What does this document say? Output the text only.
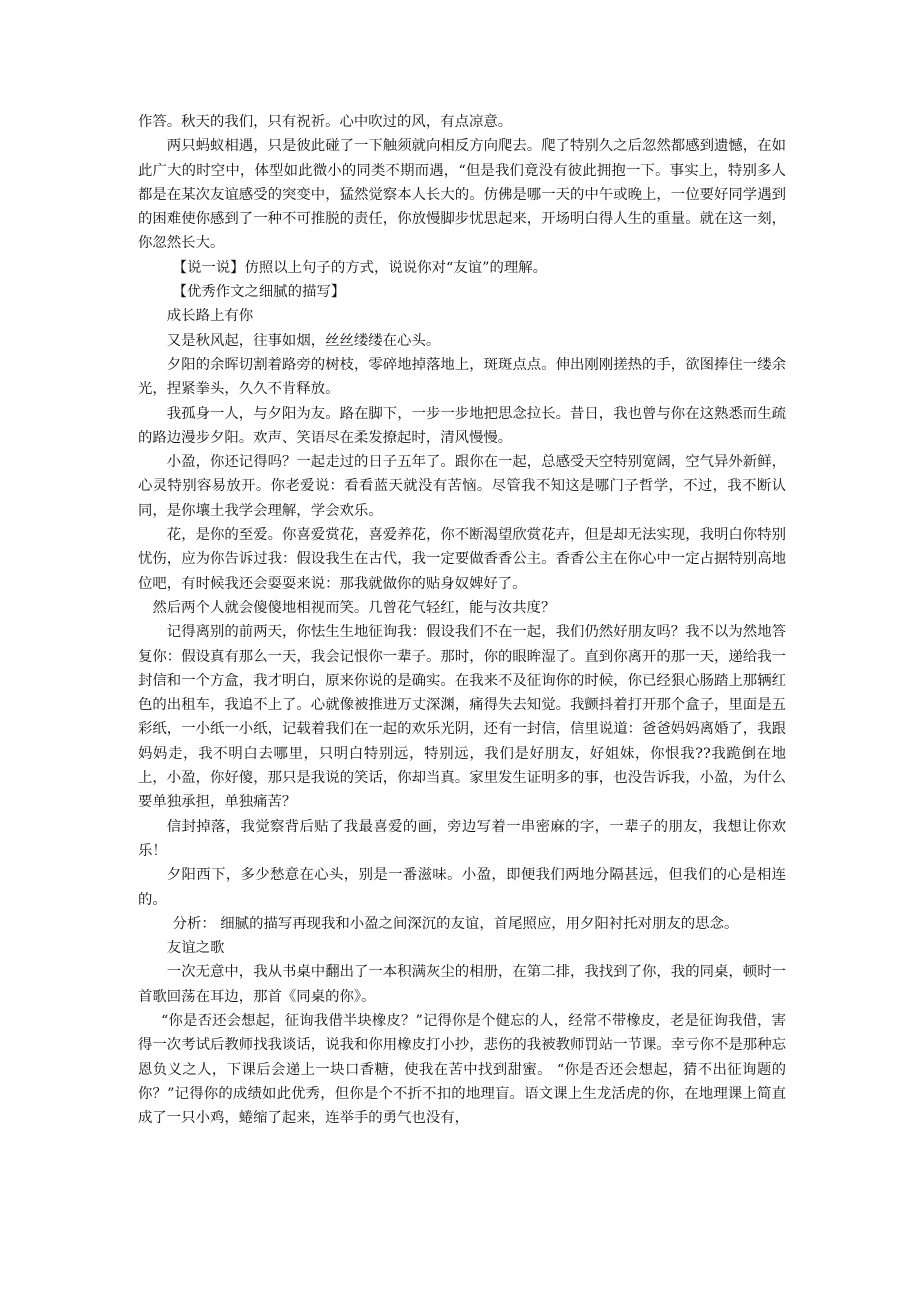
作答。秋天的我们，只有祝祈。心中吹过的风，有点凉意。

两只蚂蚁相遇，只是彼此碰了一下触须就向相反方向爬去。爬了特别久之后忽然都感到遗憾，在如此广大的时空中，体型如此微小的同类不期而遇，“但是我们竟没有彼此拥抱一下。事实上，特别多人都是在某次友谊感受的突变中，猛然觉察本人长大的。仿佛是哪一天的中午或晚上，一位要好同学遇到的困难使你感到了一种不可推脱的责任，你放慢脚步忧思起来，开场明白得人生的重量。就在这一刻，你忽然长大。

【说一说】仿照以上句子的方式，说说你对“友谊”的理解。

【优秀作文之细腻的描写】

成长路上有你

又是秋风起，往事如烟，丝丝缕缕在心头。

夕阳的余晖切割着路旁的树枝，零碎地掉落地上，斑斑点点。伸出刚刚搓热的手，欲图捧住一缕余光，捏紧拳头，久久不肯释放。

我孤身一人，与夕阳为友。路在脚下，一步一步地把思念拉长。昔日，我也曾与你在这熟悉而生疏的路边漫步夕阳。欢声、笑语尽在柔发撩起时，清风慢慢。

小盈，你还记得吗？一起走过的日子五年了。跟你在一起，总感受天空特别宽阔，空气异外新鲜，心灵特别容易放开。你老爱说：看看蓝天就没有苦恼。尽管我不知这是哪门子哲学，不过，我不断认同，是你壤土我学会理解，学会欢乐。

花，是你的至爱。你喜爱赏花，喜爱养花，你不断渴望欣赏花卉，但是却无法实现，我明白你特别忧伤，应为你告诉过我：假设我生在古代，我一定要做香香公主。香香公主在你心中一定占据特别高地位吧，有时候我还会耍耍来说：那我就做你的贴身奴婢好了。

然后两个人就会傻傻地相视而笑。几曾花气轻红，能与汝共度？

记得离别的前两天，你怯生生地征询我：假设我们不在一起，我们仍然好朋友吗？我不以为然地答复你：假设真有那么一天，我会记恨你一辈子。那时，你的眼眸湿了。直到你离开的那一天，递给我一封信和一个方盒，我才明白，原来你说的是确实。在我来不及征询你的时候，你已经狠心肠踏上那辆红色的出租车，我追不上了。心就像被推进万丈深渊，痛得失去知觉。我颤抖着打开那个盒子，里面是五彩纸，一小纸一小纸，记载着我们在一起的欢乐光阴，还有一封信，信里说道：爸爸妈妈离婚了，我跟妈妈走，我不明白去哪里，只明白特别远，特别远，我们是好朋友，好姐妹，你恨我??我跪倒在地上，小盈，你好傻，那只是我说的笑话，你却当真。家里发生证明多的事，也没告诉我，小盈，为什么要单独承担，单独痛苦？

信封掉落，我觉察背后贴了我最喜爱的画，旁边写着一串密麻的字，一辈子的朋友，我想让你欢乐！

夕阳西下，多少愁意在心头，别是一番滋味。小盈，即便我们两地分隔甚远，但我们的心是相连的。

分析： 细腻的描写再现我和小盈之间深沉的友谊，首尾照应，用夕阳衬托对朋友的思念。

友谊之歌

一次无意中，我从书桌中翻出了一本积满灰尘的相册，在第二排，我找到了你，我的同桌，顿时一首歌回荡在耳边，那首《同桌的你》。

“你是否还会想起，征询我借半块橡皮？”记得你是个健忘的人，经常不带橡皮，老是征询我借，害得一次考试后教师找我谈话，说我和你用橡皮打小抄，悲伤的我被教师罚站一节课。幸亏你不是那种忘恩负义之人，下课后会递上一块口香糖，使我在苦中找到甜蜜。 “你是否还会想起，猜不出征询题的你？”记得你的成绩如此优秀，但你是个不折不扣的地理盲。语文课上生龙活虎的你，在地理课上简直成了一只小鸡，蜷缩了起来，连举手的勇气也没有，
